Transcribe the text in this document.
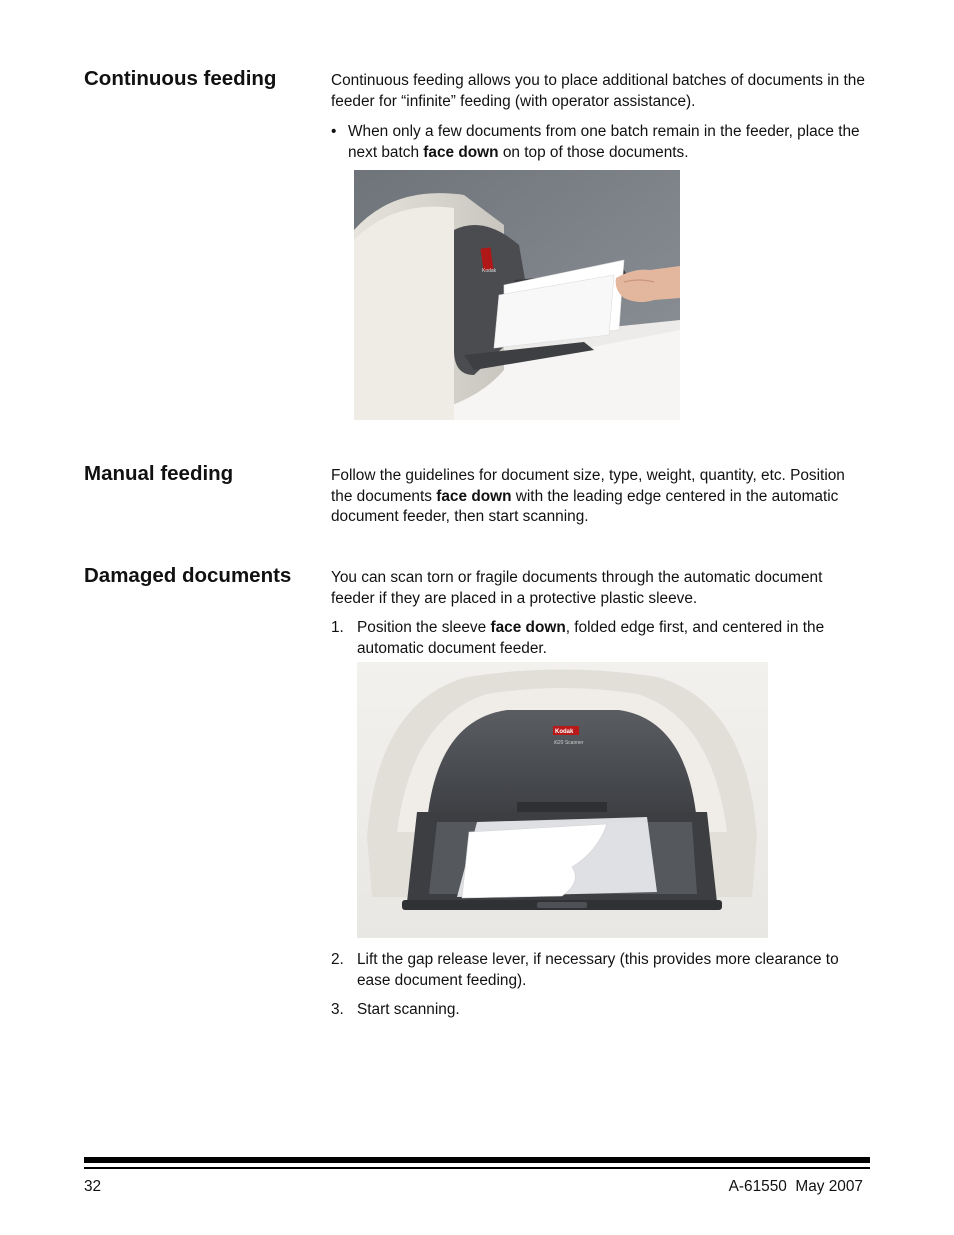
Continuous feeding	Continuous feeding allows you to place additional batches of documents in the feeder for “infinite” feeding (with operator assistance).

• When only a few documents from one batch remain in the feeder, place the next batch face down on top of those documents.
Kodak
Manual feeding	Follow the guidelines for document size, type, weight, quantity, etc. Position the documents face down with the leading edge centered in the automatic document feeder, then start scanning.

Damaged documents	You can scan torn or fragile documents through the automatic document feeder if they are placed in a protective plastic sleeve.

1. Position the sleeve face down, folded edge first, and centered in the automatic document feeder.
Kodak
i620 Scanner
2. Lift the gap release lever, if necessary (this provides more clearance to ease document feeding).
3. Start scanning.
32	A-61550  May 2007
